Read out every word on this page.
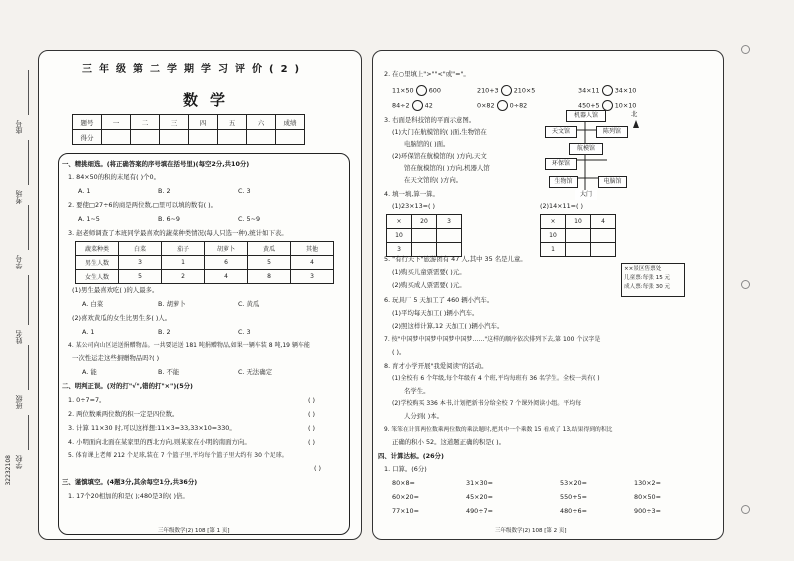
座号
考场
学号
姓名
班级
学校
32232108
三年级第二学期学习评价(2)
数学
题号	一	二	三	四	五	六	成绩
得分							
一、精挑细选。(将正确答案的序号填在括号里)(每空2分,共10分)
1. 84×50的积的末尾有( )个0。
A. 1	B. 2	C. 3
2. 要使□27÷6的商是两位数,□里可以填的数有( )。
A. 1~5	B. 6~9	C. 5~9
3. 赵老师调查了本班同学最喜欢的蔬菜种类情况(每人只选一种),统计如下表。
蔬菜种类	白菜	茄子	胡萝卜	黄瓜	其他
男生人数	3	1	6	5	4
女生人数	5	2	4	8	3
(1)男生最喜欢吃( )的人最多。
A. 白菜	B. 胡萝卜	C. 黄瓜
(2)喜欢黄瓜的女生比男生多( )人。
A. 1	B. 2	C. 3
4. 某公司向山区运送捐赠物品。一共要运送 181 吨捐赠物品,如果一辆车装 8 吨,19 辆车能
一次性运走这些捐赠物品吗?( )
A. 能	B. 不能	C. 无法确定
二、明判正误。(对的打"√",错的打"×")(5分)
1. 0÷7=7。
2. 两位数乘两位数的积一定是四位数。
3. 计算 11×30 时,可以这样想:11×3=33,33×10=330。
4. 小明面向北面在某家里的西北方向,则某家在小明的南面方向。
5. 体育课上老师 212 个足球,装在 7 个篮子里,平均每个篮子里大约有 30 个足球。
( )
( )
( )
( )
( )
三、谨慎填空。(4题3分,其余每空1分,共36分)
1. 17个20相加的和是( );480是3的( )倍。
三年级数学(2) 108 [第 1 页]
2. 在○里填上">""<"或"="。
11×50 600	210+3 210×5	34×11 34×10
84÷2 42	0×82 0÷82	450+5 10×10
3. 右面是科技馆的平面示意图。
(1)大门在航模馆的( )面,生物馆在
电脑馆的( )面。
(2)环保馆在航模馆的( )方向,天文
馆在航模馆的( )方向,机器人馆
在天文馆的( )方向。
机器人馆
天文馆	陈列馆
航模馆
环保馆
生物馆	电脑馆
大门
北
4. 填一填,算一算。
(1)23×13=( )	(2)14×11=( )
×	20	3
10		
3		
×	10	4
10		
1		
5. "有行天下"旅游团有 47 人,其中 35 名是儿童。
(1)购买儿童票需要( )元。
(2)购买成人票需要( )元。
××景区售票处
儿童票:每张 15 元
成人票:每张 30 元
6. 玩具厂 5 天加工了 460 辆小汽车。
(1)平均每天加工( )辆小汽车。
(2)照这样计算,12 天加工( )辆小汽车。
7. 按"中国梦中国梦中国梦中国梦……"这样的顺序依次排列下去,第 100 个汉字是
( )。
8. 育才小学开展"我爱阅读"的活动。
(1)全校有 6 个年级,每个年级有 4 个班,平均每班有 36 名学生。全校一共有( )
名学生。
(2)学校购买 336 本书,计划把新书分给全校 7 个课外阅读小组。平均每
人分到( )本。
9. 笨笨在计算两位数乘两位数的乘法题时,把其中一个乘数 15 看成了 13,结果得到的积比
正确的积小 52。这道题正确的积是( )。
四、计算达标。(26分)
1. 口算。(6分)
80×8=	31×30=	53×20=	130×2=
60×20=	45×20=	550+5=	80×50=
77×10=	490÷7=	480÷6=	900÷3=
三年级数学(2) 108 [第 2 页]
